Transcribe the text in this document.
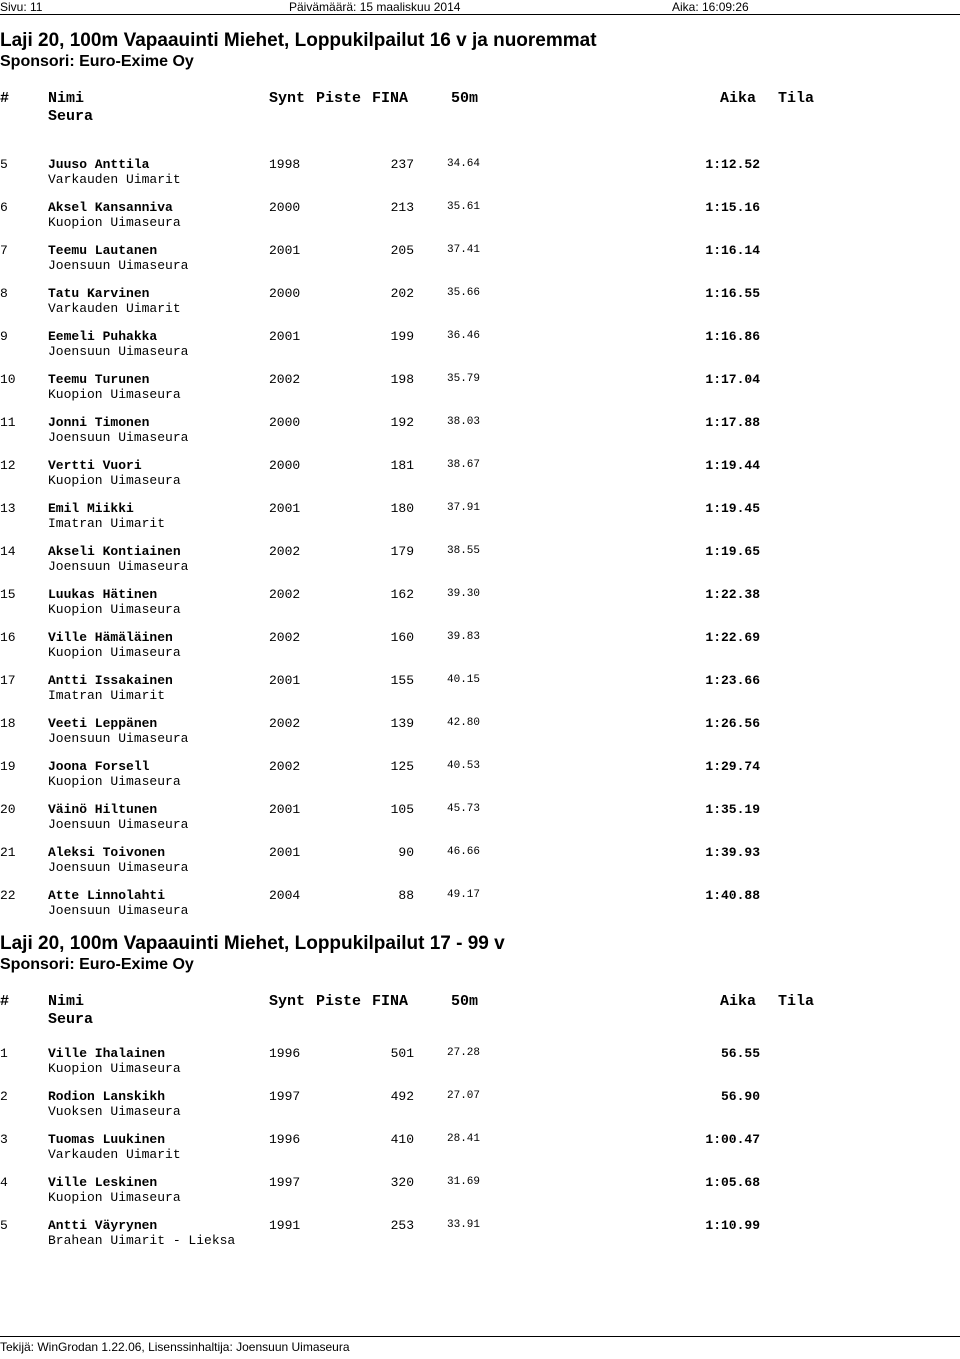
Sivu: 11	Päivämäärä: 15 maaliskuu 2014	Aika: 16:09:26
Laji 20, 100m Vapaauinti Miehet, Loppukilpailut 16 v ja nuoremmat
Sponsori: Euro-Exime Oy
#	Nimi	Synt Piste FINA	50m	Aika Tila
Seura
5	Juuso Anttila	1998	237	34.64	1:12.52
Varkauden Uimarit
6	Aksel Kansanniva	2000	213	35.61	1:15.16
Kuopion Uimaseura
7	Teemu Lautanen	2001	205	37.41	1:16.14
Joensuun Uimaseura
8	Tatu Karvinen	2000	202	35.66	1:16.55
Varkauden Uimarit
9	Eemeli Puhakka	2001	199	36.46	1:16.86
Joensuun Uimaseura
10 Teemu Turunen	2002	198	35.79	1:17.04
Kuopion Uimaseura
11 Jonni Timonen	2000	192	38.03	1:17.88
Joensuun Uimaseura
12 Vertti Vuori	2000	181	38.67	1:19.44
Kuopion Uimaseura
13 Emil Miikki	2001	180	37.91	1:19.45
Imatran Uimarit
14 Akseli Kontiainen	2002	179	38.55	1:19.65
Joensuun Uimaseura
15 Luukas Hätinen	2002	162	39.30	1:22.38
Kuopion Uimaseura
16 Ville Hämäläinen	2002	160	39.83	1:22.69
Kuopion Uimaseura
17 Antti Issakainen	2001	155	40.15	1:23.66
Imatran Uimarit
18 Veeti Leppänen	2002	139	42.80	1:26.56
Joensuun Uimaseura
19 Joona Forsell	2002	125	40.53	1:29.74
Kuopion Uimaseura
20 Väinö Hiltunen	2001	105	45.73	1:35.19
Joensuun Uimaseura
21 Aleksi Toivonen	2001	90	46.66	1:39.93
Joensuun Uimaseura
22 Atte Linnolahti	2004	88	49.17	1:40.88
Joensuun Uimaseura
Laji 20, 100m Vapaauinti Miehet, Loppukilpailut 17 - 99 v
Sponsori: Euro-Exime Oy
#	Nimi	Synt Piste FINA	50m	Aika Tila
Seura
1	Ville Ihalainen	1996	501	27.28	56.55
Kuopion Uimaseura
2	Rodion Lanskikh	1997	492	27.07	56.90
Vuoksen Uimaseura
3	Tuomas Luukinen	1996	410	28.41	1:00.47
Varkauden Uimarit
4	Ville Leskinen	1997	320	31.69	1:05.68
Kuopion Uimaseura
5	Antti Väyrynen	1991	253	33.91	1:10.99
Brahean Uimarit - Lieksa
Tekijä: WinGrodan 1.22.06, Lisenssinhaltija: Joensuun Uimaseura
